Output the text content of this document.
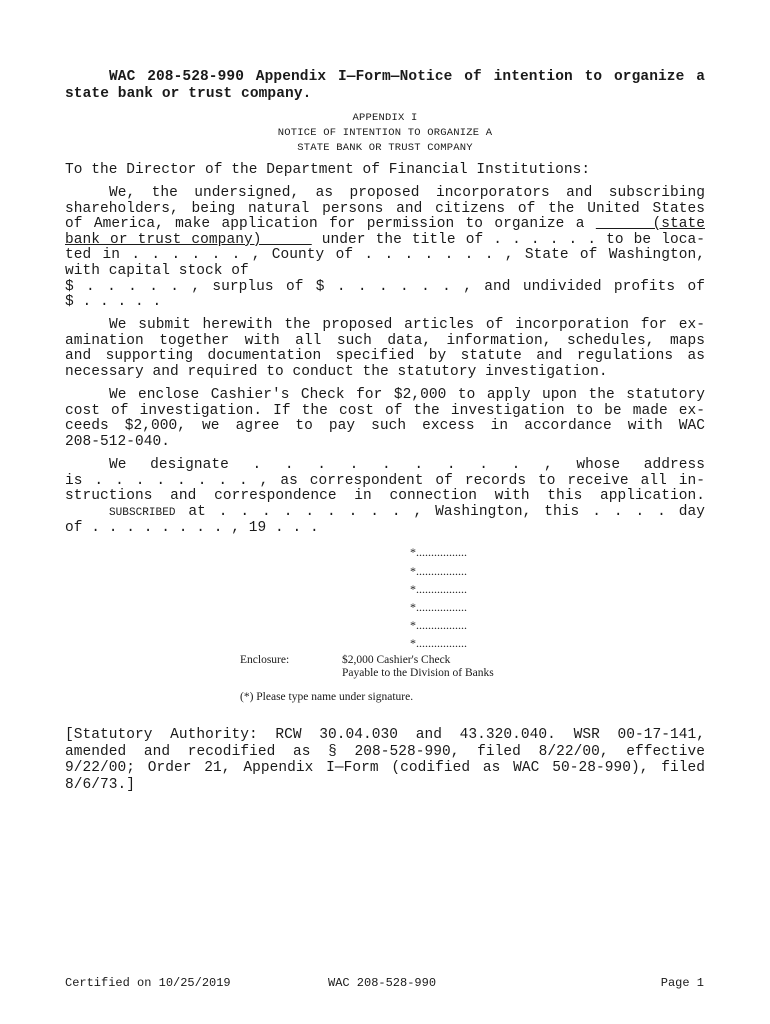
WAC 208-528-990 Appendix I—Form—Notice of intention to organize a state bank or trust company.
APPENDIX I
NOTICE OF INTENTION TO ORGANIZE A
STATE BANK OR TRUST COMPANY
To the Director of the Department of Financial Institutions:
We, the undersigned, as proposed incorporators and subscribing
shareholders, being natural persons and citizens of the United States
of America, make application for permission to organize a      (state
bank or trust company)      under the title of . . . . . . to be loca-
ted in . . . . . . , County of . . . . . . . , State of Washington,
with capital stock of
$ . . . . . , surplus of $ . . . . . . , and undivided profits of
$ . . . . .
We submit herewith the proposed articles of incorporation for ex-
amination together with all such data, information, schedules, maps
and supporting documentation specified by statute and regulations as
necessary and required to conduct the statutory investigation.
We enclose Cashier's Check for $2,000 to apply upon the statutory
cost of investigation. If the cost of the investigation to be made ex-
ceeds $2,000, we agree to pay such excess in accordance with WAC
208-512-040.
We designate . . . . . . . . . , whose address
is . . . . . . . . , as correspondent of records to receive all in-
structions and correspondence in connection with this application.
SUBSCRIBED at . . . . . . . . . , Washington, this . . . . day
of . . . . . . . . , 19 . . .
*.................
*.................
*.................
*.................
*.................
*.................
Enclosure:	$2,000 Cashier's Check
Payable to the Division of Banks
(*) Please type name under signature.
[Statutory Authority: RCW 30.04.030 and 43.320.040. WSR 00-17-141,
amended and recodified as § 208-528-990, filed 8/22/00, effective
9/22/00; Order 21, Appendix I—Form (codified as WAC 50-28-990), filed
8/6/73.]
Certified on 10/25/2019	WAC 208-528-990	Page 1
